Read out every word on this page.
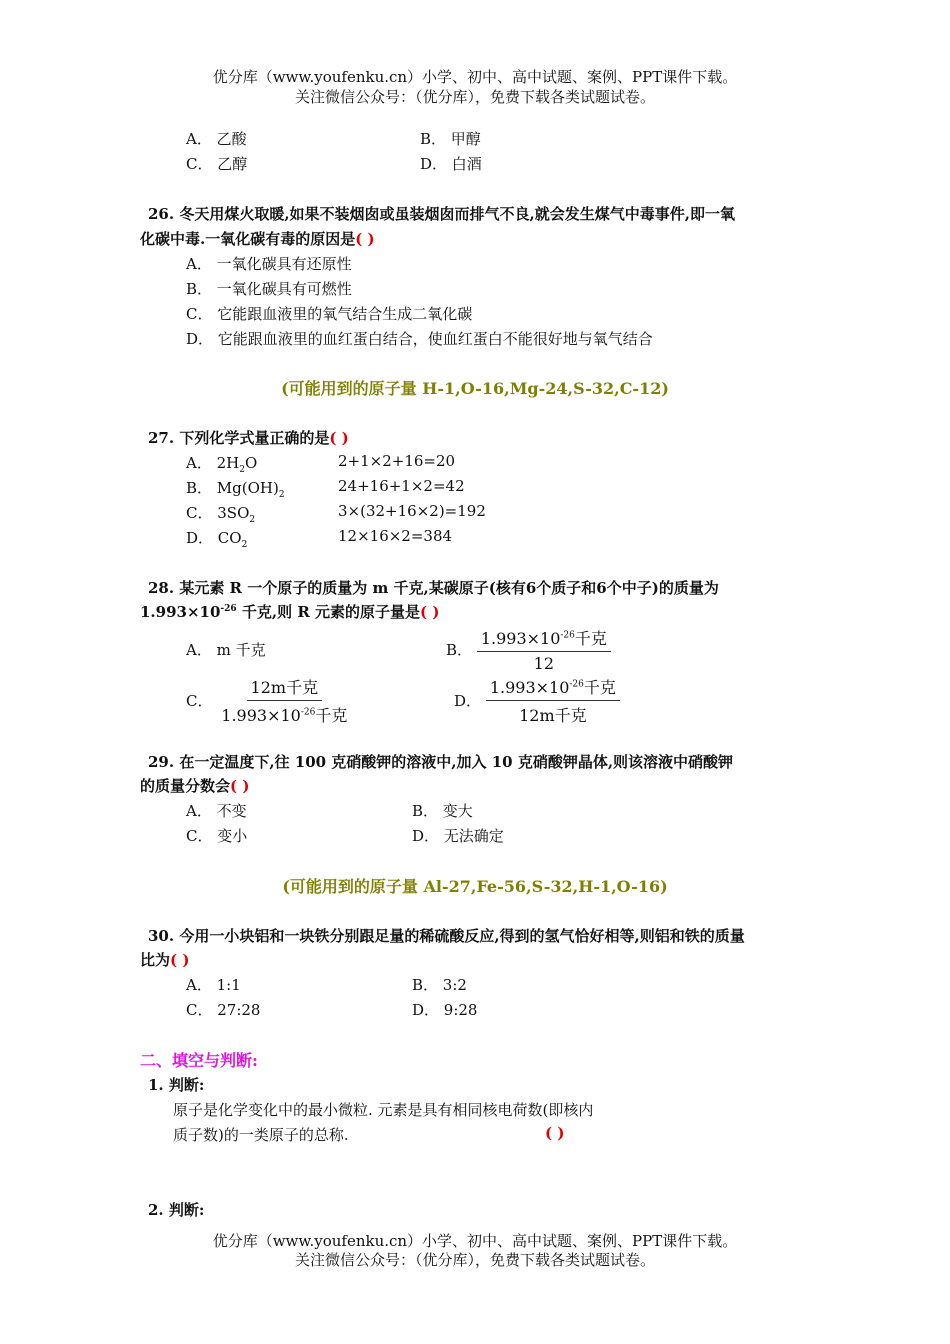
优分库（www.youfenku.cn）小学、初中、高中试题、案例、PPT课件下载。
关注微信公众号：（优分库），免费下载各类试题试卷。
A． 乙酸	B． 甲醇
C． 乙醇	D． 白酒
26. 冬天用煤火取暖,如果不装烟囱或虽装烟囱而排气不良,就会发生煤气中毒事件,即一氧
化碳中毒.一氧化碳有毒的原因是( )
A． 一氧化碳具有还原性
B． 一氧化碳具有可燃性
C． 它能跟血液里的氧气结合生成二氧化碳
D． 它能跟血液里的血红蛋白结合，使血红蛋白不能很好地与氧气结合
(可能用到的原子量 H-1,O-16,Mg-24,S-32,C-12)
27. 下列化学式量正确的是( )
A． $2H_2O$	2+1×2+16=20
B． $Mg(OH)_2$	24+16+1×2=42
C． $3SO_2$	3×(32+16×2)=192
D． $CO_2$	12×16×2=384
28. 某元素 R 一个原子的质量为 m 千克,某碳原子(核有6个质子和6个中子)的质量为
$1.993\times 10^{-26}$ 千克,则 R 元素的原子量是( )
A． m 千克	B． $\frac{1.993\times 10^{-26}千克}{12}$
C． $\frac{\text{12m千克}}{1.993\times 10^{-26}千克}$	D． $\frac{1.993\times 10^{-26}千克}{\text{12m千克}}$
29. 在一定温度下,往 100 克硝酸钾的溶液中,加入 10 克硝酸钾晶体,则该溶液中硝酸钾
的质量分数会( )
A． 不变	B． 变大
C． 变小	D． 无法确定
(可能用到的原子量 Al-27,Fe-56,S-32,H-1,O-16)
30. 今用一小块铝和一块铁分别跟足量的稀硫酸反应,得到的氢气恰好相等,则铝和铁的质量
比为( )
A． 1:1	B． 3:2
C． 27:28	D． 9:28
二、填空与判断:
1. 判断:
原子是化学变化中的最小微粒. 元素是具有相同核电荷数(即核内
质子数)的一类原子的总称.	( )
2. 判断:
优分库（www.youfenku.cn）小学、初中、高中试题、案例、PPT课件下载。
关注微信公众号：（优分库），免费下载各类试题试卷。
